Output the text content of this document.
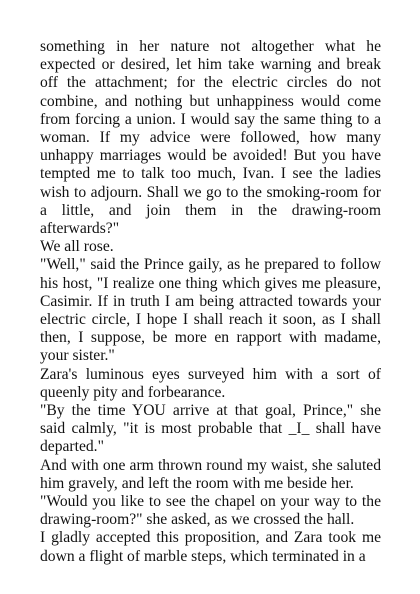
something in her nature not altogether what he expected or desired, let him take warning and break off the attachment; for the electric circles do not combine, and nothing but unhappiness would come from forcing a union. I would say the same thing to a woman. If my advice were followed, how many unhappy marriages would be avoided! But you have tempted me to talk too much, Ivan. I see the ladies wish to adjourn. Shall we go to the smoking-room for a little, and join them in the drawing-room afterwards?"

We all rose.

"Well," said the Prince gaily, as he prepared to follow his host, "I realize one thing which gives me pleasure, Casimir. If in truth I am being attracted towards your electric circle, I hope I shall reach it soon, as I shall then, I suppose, be more en rapport with madame, your sister."

Zara's luminous eyes surveyed him with a sort of queenly pity and forbearance.

"By the time YOU arrive at that goal, Prince," she said calmly, "it is most probable that _I_ shall have departed."

And with one arm thrown round my waist, she saluted him gravely, and left the room with me beside her.

"Would you like to see the chapel on your way to the drawing-room?" she asked, as we crossed the hall.

I gladly accepted this proposition, and Zara took me down a flight of marble steps, which terminated in a
